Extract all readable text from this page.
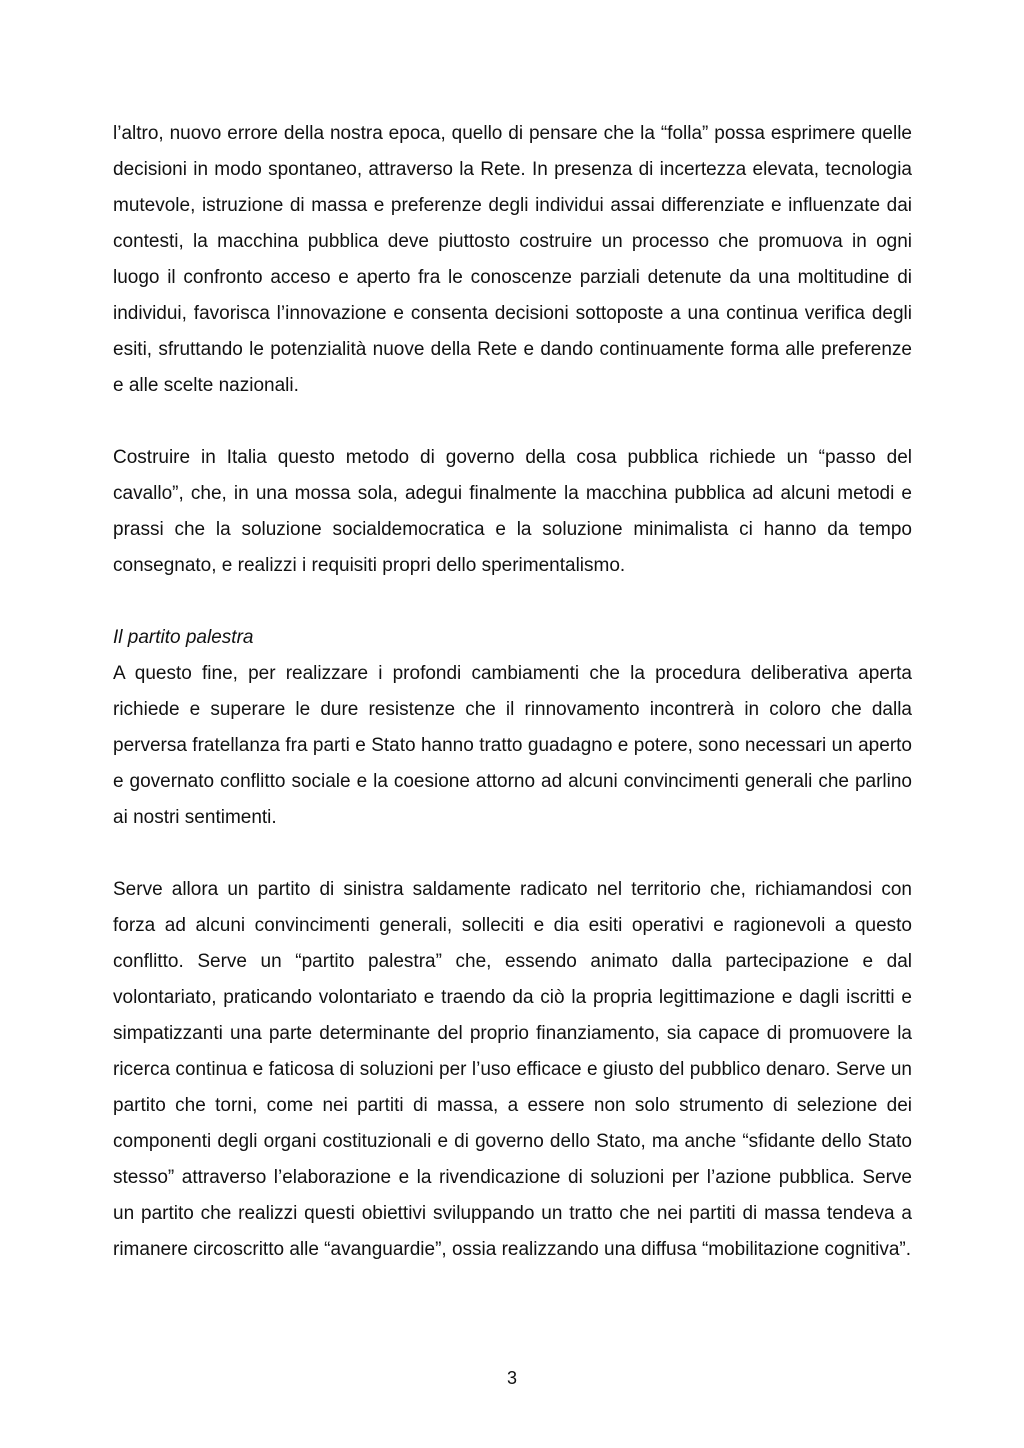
l’altro, nuovo errore della nostra epoca, quello di pensare che la “folla” possa esprimere quelle decisioni in modo spontaneo, attraverso la Rete. In presenza di incertezza elevata, tecnologia mutevole, istruzione di massa e preferenze degli individui assai differenziate e influenzate dai contesti, la macchina pubblica deve piuttosto costruire un processo che promuova in ogni luogo il confronto acceso e aperto fra le conoscenze parziali detenute da una moltitudine di individui, favorisca l’innovazione e consenta decisioni sottoposte a una continua verifica degli esiti, sfruttando le potenzialità nuove della Rete e dando continuamente forma alle preferenze e alle scelte nazionali.

Costruire in Italia questo metodo di governo della cosa pubblica richiede un “passo del cavallo”, che, in una mossa sola, adegui finalmente la macchina pubblica ad alcuni metodi e prassi che la soluzione socialdemocratica e la soluzione minimalista ci hanno da tempo consegnato, e realizzi i requisiti propri dello sperimentalismo.

Il partito palestra

A questo fine, per realizzare i profondi cambiamenti che la procedura deliberativa aperta richiede e superare le dure resistenze che il rinnovamento incontrerà in coloro che dalla perversa fratellanza fra parti e Stato hanno tratto guadagno e potere, sono necessari un aperto e governato conflitto sociale e la coesione attorno ad alcuni convincimenti generali che parlino ai nostri sentimenti.

Serve allora un partito di sinistra saldamente radicato nel territorio che, richiamandosi con forza ad alcuni convincimenti generali, solleciti e dia esiti operativi e ragionevoli a questo conflitto. Serve un “partito palestra” che, essendo animato dalla partecipazione e dal volontariato, praticando volontariato e traendo da ciò la propria legittimazione e dagli iscritti e simpatizzanti una parte determinante del proprio finanziamento, sia capace di promuovere la ricerca continua e faticosa di soluzioni per l’uso efficace e giusto del pubblico denaro. Serve un partito che torni, come nei partiti di massa, a essere non solo strumento di selezione dei componenti degli organi costituzionali e di governo dello Stato, ma anche “sfidante dello Stato stesso” attraverso l’elaborazione e la rivendicazione di soluzioni per l’azione pubblica. Serve un partito che realizzi questi obiettivi sviluppando un tratto che nei partiti di massa tendeva a rimanere circoscritto alle “avanguardie”, ossia realizzando una diffusa “mobilitazione cognitiva”.

3
